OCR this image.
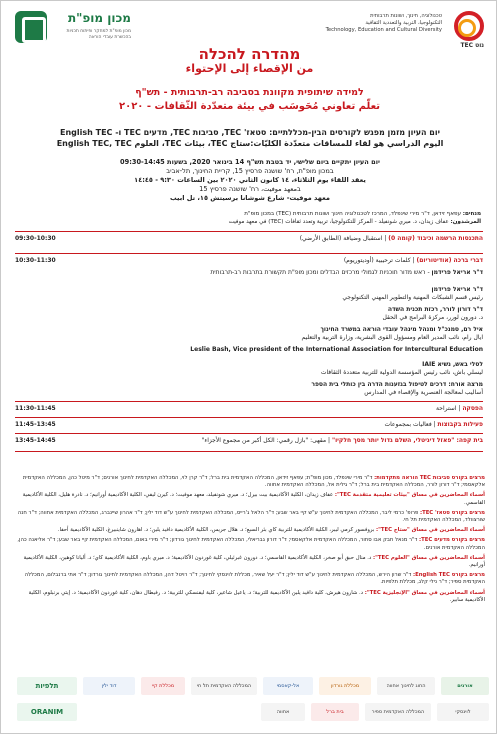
מכון מופ"ת
מכון מופ"ת למחקר ופיתוח תכניות בהכשרת עובדי הוראה
נוט TEC
טכנולוגיה, חינוך, ושונות תרבותית
التكنولوجيا، التربية والتعددية الثقافية
Technology, Education and Cultural Diversity
מהדרה להכלה
من الإقصاء إلى الإحتواء
למידה שיתופית מקוונת בסביבה רב-תרבותית - תש"ף
تعلّم تعاوني مُحَوسَب في بيئة متعدّدة الثّقافات - ٢٠٢٠
יום העיון מזמן מפגש לקורסים הבין-מכללתיים: סטאז' TEC, סביבות TEC, מדעים TEC ו- English TEC
اليوم الدراسي هو لقاء للمساقات متعدّدة الكليّات:ستاج TEC، بيئات TEC، العلوم English TEC, TEC
יום העיון יתקיים ביום שלישי, יד בטבת תש"ף 14 בינואר 2020, בשעות 09:30-14:45
במכון מופ"ת, רח' שושנה פרסיץ 15, קריית החינוך, תל-אביב
يعقد اللقاء يوم الثلاثاء، ١٤ كانون الثاني ٢٠٢٠ بين الساعات ٩:٣٠ - ١٤:٤٥
בمعهد موفيت، רח' שושנה פרסיץ 15
معهد موفيت- شارع شوشانا برسيتش ١٥، تل ابيب
מנחים: עפאף זידאן, ד"ר מירי שינפלד, המרכז לטכנולוגיה חינוך ושונות תרבותית (TEC) במכון מופ"ת
المرشدون: عفاف زيدان، د. ميري شونفيلد - المركز للتكنولوجيا، تربية وتعدد ثقافات (TEC) في معهد موفيت
09:30-10:30	התכנסות הרשמה וכיבוד (קומה 0) | استقبال وضيافة (الطابق الأرضي)
10:30-11:30	דברי ברכה (אודיטוריום) | كلمات ترحيبية (أوديتوريوم)
ד"ר אריאל פרידמן - ראש מדור תוכניות לגמולי מרכזים הבדלים ומכון מופ"ת תקשורת בתרבות רב-תרבותית
ד"ר אריאל פרידמן
رئيس قسم الشبكات المهنية والتطوير المهني التكنولوجي
ד"ר דורון לורר, רכזת תכנית השדה
د. دورون لورر، مركزة البرامج في الحقل
איל רם, סמנכ"ל ומנהל מינהל עובדי הוראה במשרד החינוך
ايال رام، نائب المدير العام ومسؤول القوى البشرية، وزارة التربية والتعليم
Leslie Bash, Vice president of the International Association for Intercultural Education
לסלי באש, נשיא IAIE
ليسلي باش، نائب رئيس المؤسسة الدولية للتربية متعددة الثقافات
מרצה אורח: דרכים לטיפול בגזענות הדרה בין כותלי בית הספר
أساليب لمعالجة العنصرية والإقصاء في المدارس
11:30-11:45	הפסקה | استراحة
11:45-13:45	פעילות בקבוצות | فعاليات بمجموعات
13:45-14:45	בית קפה: "פאזל דיגיטלי, השלם גדול יותר מסך חלקיו" | مقهى: "بازل رقمي: الكل أكبر من مجموع الأجزاء"

מרצים בקורס סביבות TEC הוראה מתקדמות: ד"ר מירי שינפלד, מכון מופ"ת; עפאף זידאן, המכללה האקדמית בית ברל; ד"ר קרן לוי, המכללה האקדמית לחינוך אורנים; ד"ר מיטל כהן, המכללה האקדמית אלקאסמי; ד"ר דורון לורר, המכללה האקדמית בית ברל; ד"ר גילית אל, המכללה האקדמית אחווה.

أسماء المحاضرين في مساق "بيئات تعليمية متقدمة TEC": عفاف زيدان، الكلية الأكاديمية بيت بيرل؛ د. ميري شونفيلد، معهد موفيت؛ د. كيرن ليفي، الكلية الأكاديمية أورانيم؛ د. نادرة هليل، الكلية الأكاديمية القاسمي.

מרצים בקורס סטאז' TEC: פרופ' כרמי ליבר, המכללה האקדמית לחינוך ע"ש קיי באר שבע; ד"ר הלאל ג'רייס, המכללה האקדמית לחינוך ע"ש דוד ילין; ד"ר אהרון שיינברג, המכללה האקדמית אחווה; ד"ר חנה שורצוולד, המכללה האקדמית תל חי.

أسماء المحاضرين في مساق "ستاج TEC": بروفسور كرمي ليبر، الكلية الأكاديمية للتربية كاي بئر السبع؛ د. هلال جريس، الكلية الأكاديمية دافيد يلين؛ د. اهارون شاينبيرغ، الكلية الأكاديمية أحفا.

מרצים בקורס מדעים TEC: ד"ר מנאל חבק אבו סחור, המכללה האקדמית אלקאסמי; ד"ר דורון גבריאלי, המכללה האקדמית לחינוך גורדון; ד"ר מירי באום, המכללה האקדמית קיי באר שבע; ד"ר אליאנה כהן, המכללה האקדמית אורנים.

أسماء المحاضرين في مساق "العلوم TEC": د. منال حبق أبو صخر، الكلية الأكاديمية القاسمي؛ د. دورون غبرئيلي، كلية غوردون الأكاديمية؛ د. ميري باوم، الكلية الأكاديمية كاي؛ د. أليانا كوهين، الكلية الأكاديمية أورانيم.

מרצים בקורס English TEC: ד"ר שרון הירש, המכללה האקדמית לחינוך ע"ש דוד ילין; ד"ר יעל שאיר, מכללת לוינסקי לחינוך; ד"ר רויטל דהן, המכללה האקדמית לחינוך גורדון; ד"ר אתי ברנבלום, המכללה האקדמית ספיר; ד"ר נילי קלג, מכללת תלפיות.

أسماء المحاضرين في مساق "الإنجليزية TEC": د. شارون هيرش، كلية دافيد يلين الأكاديمية للتربية؛ د. ياعيل شاعير، كلية ليفنسكي للتربية؛ د. رفيطال دهان، كلية غوردون الأكاديمية؛ د. إيتي برنبلوم، الكلية الأكاديمية سابير.

אורנים
החוג לחינוך אחווה
מכללת גורדון
אל-קאסמי
המכללה האקדמית תל חי
מכללת קיי
דוד ילין
תלפיות
לוינסקי
המכללה האקדמית ספיר
בית ברל
אחווה
ORANIM
